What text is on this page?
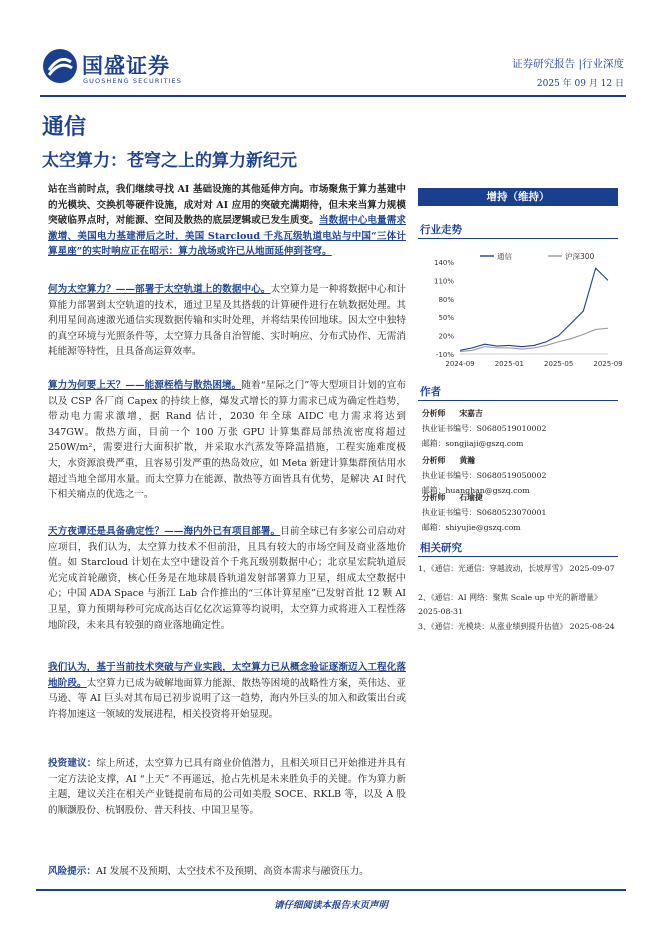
国盛证券
GUOSHENG SECURITIES
证券研究报告 |行业深度
2025 年 09 月 12 日
通信
太空算力：苍穹之上的算力新纪元

站在当前时点，我们继续寻找 AI 基础设施的其他延伸方向。市场聚焦于算力基建中的光模块、交换机等硬件设施，成对对 AI 应用的突破充满期待，但未来当算力规模突破临界点时，对能源、空间及散热的底层逻辑或已发生质变。当数据中心电量需求激增、美国电力基建滞后之时，美国 Starcloud 千兆瓦级轨道电站与中国“三体计算星座”的实时响应正在昭示：算力战场或许已从地面延伸到苍穹。

何为太空算力？——部署于太空轨道上的数据中心。太空算力是一种将数据中心和计算能力部署到太空轨道的技术，通过卫星及其搭载的计算硬件进行在轨数据处理。其利用星间高速激光通信实现数据传输和实时处理，并将结果传回地球。因太空中独特的真空环境与光照条件等，太空算力具备自治智能、实时响应、分布式协作、无需消耗能源等特性，且具备高运算效率。

算力为何要上天？——能源桎梏与散热困境。随着“星际之门”等大型项目计划的宣布以及 CSP 各厂商 Capex 的持续上修，爆发式增长的算力需求已成为确定性趋势，带动电力需求激增，据 Rand 估计，2030 年全球 AIDC 电力需求将达到 347GW。散热方面，目前一个 100 万张 GPU 计算集群局部热流密度将超过 250W/m²，需要进行大面积扩散，并采取水汽蒸发等降温措施，工程实施难度极大，水资源浪费严重，且容易引发严重的热岛效应，如 Meta 新建计算集群预估用水超过当地全部用水量。而太空算力在能源、散热等方面皆具有优势，是解决 AI 时代下相关痛点的优选之一。

天方夜谭还是具备确定性？——海内外已有项目部署。目前全球已有多家公司启动对应项目，我们认为，太空算力技术不但前沿，且具有较大的市场空间及商业落地价值。如 Starcloud 计划在太空中建设首个千兆瓦级别数据中心；北京星宏院轨道辰光完成首轮融资，核心任务是在地球晨昏轨道发射部署算力卫星，组成太空数据中心；中国 ADA Space 与浙江 Lab 合作推出的“三体计算星座”已发射首批 12 颗 AI 卫星，算力预期每秒可完成高达百亿亿次运算等均说明，太空算力或将进入工程性落地阶段，未来具有较强的商业落地确定性。

我们认为，基于当前技术突破与产业实践，太空算力已从概念验证逐渐迈入工程化落地阶段。太空算力已成为破解地面算力能源、散热等困境的战略性方案，英伟达、亚马逊、等 AI 巨头对其布局已初步说明了这一趋势，海内外巨头的加入和政策出台或许将加速这一领域的发展进程，相关投资将开始显现。

投资建议：综上所述，太空算力已具有商业价值潜力，且相关项目已开始推进并具有一定方法论支撑，AI “上天” 不再遥远，抢占先机是未来胜负手的关键。作为算力新主题，建议关注在相关产业链提前布局的公司如美股 SOCE、RKLB 等，以及 A 股的顺灏股份、杭钢股份、普天科技、中国卫星等。

风险提示：AI 发展不及预期、太空技术不及预期、高资本需求与融资压力。

增持（维持）
行业走势
140%
110%
80%
50%
20%
-10%
2024-09	2025-01	2025-05	2025-09
通信	沪深300
作者
分析师 宋嘉吉
执业证书编号：S0680519010002
邮箱：songjiaji@gszq.com
分析师 黄瀚
执业证书编号：S0680519050002
邮箱：huanghan@gszq.com
分析师 石瑜捷
执业证书编号：S0680523070001
邮箱：shiyujie@gszq.com
相关研究
1、《通信：光通信：穿越波动，长坡厚雪》 2025-09-07
2、《通信：AI 网络：聚焦 Scale up 中光的新增量》 2025-08-31
3、《通信：光模块：从涨业绩到提升估值》 2025-08-24
请仔细阅读本报告末页声明
